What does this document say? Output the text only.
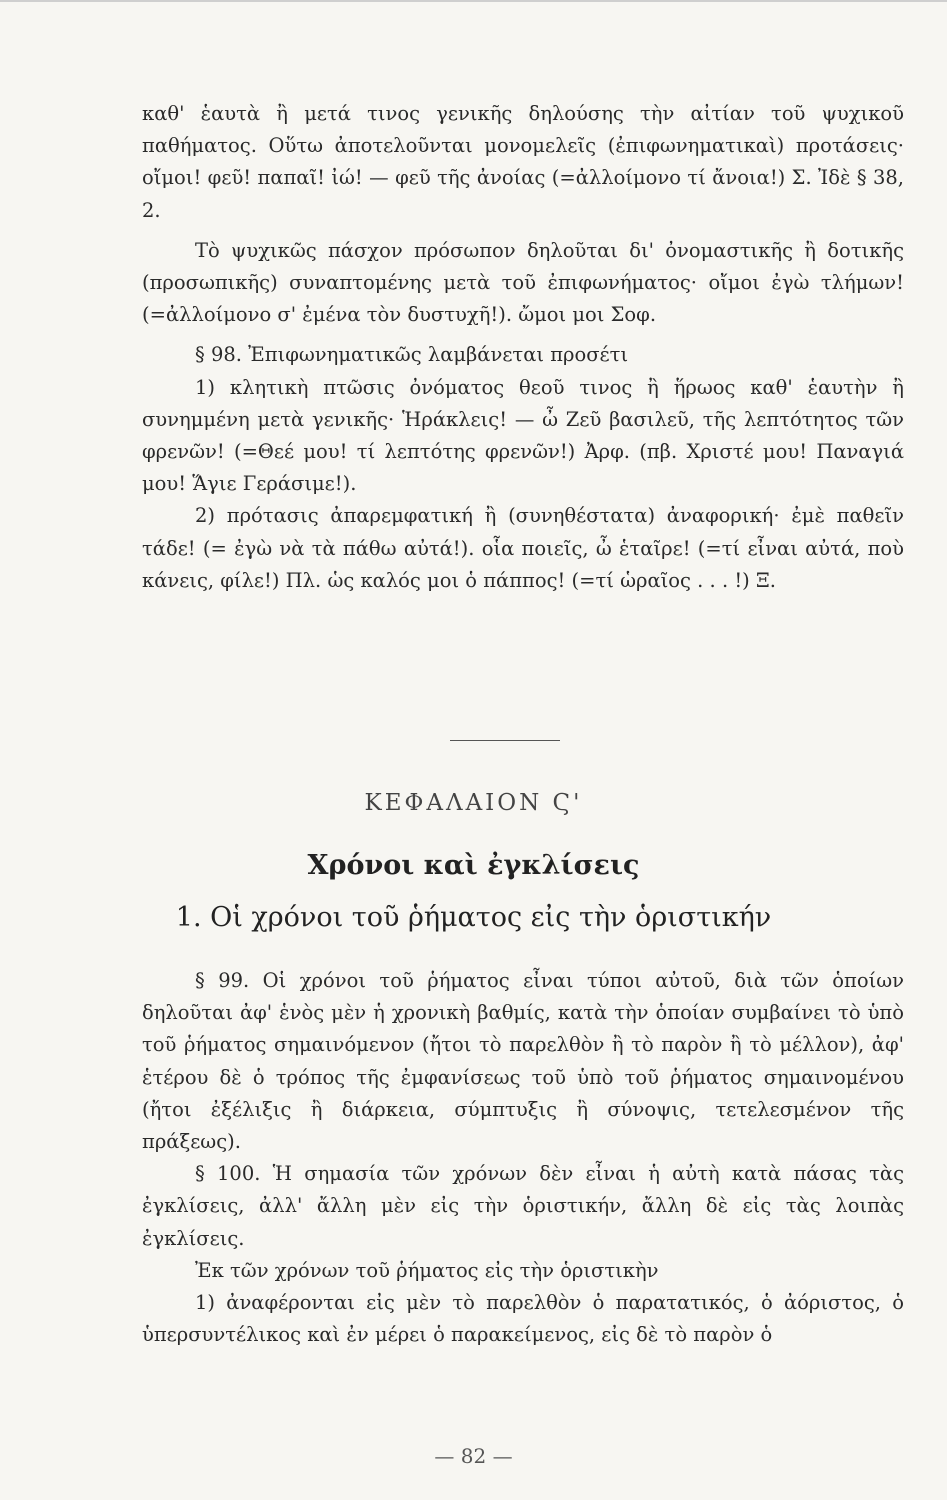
καθ' ἑαυτὰ ἢ μετά τινος γενικῆς δηλούσης τὴν αἰτίαν τοῦ ψυχικοῦ παθήματος. Οὕτω ἀποτελοῦνται μονομελεῖς (ἐπιφωνηματικαὶ) προτάσεις· οἴμοι! φεῦ! παπαῖ! ἰώ! — φεῦ τῆς ἀνοίας (=ἀλλοίμονο τί ἄνοια!) Σ. Ἰδὲ § 38, 2.

Τὸ ψυχικῶς πάσχον πρόσωπον δηλοῦται δι' ὀνομαστικῆς ἢ δοτικῆς (προσωπικῆς) συναπτομένης μετὰ τοῦ ἐπιφωνήματος· οἴμοι ἐγὼ τλήμων! (=ἀλλοίμονο σ' ἐμένα τὸν δυστυχῆ!). ὤμοι μοι Σοφ.

§ 98. Ἐπιφωνηματικῶς λαμβάνεται προσέτι

1) κλητικὴ πτῶσις ὀνόματος θεοῦ τινος ἢ ἥρωος καθ' ἑαυτὴν ἢ συνημμένη μετὰ γενικῆς· Ἡράκλεις! — ὦ Ζεῦ βασιλεῦ, τῆς λεπτότητος τῶν φρενῶν! (=Θεέ μου! τί λεπτότης φρενῶν!) Ἀρφ. (πβ. Χριστέ μου! Παναγιά μου! Ἅγιε Γεράσιμε!).

2) πρότασις ἀπαρεμφατική ἢ (συνηθέστατα) ἀναφορική· ἐμὲ παθεῖν τάδε! (= ἐγὼ νὰ τὰ πάθω αὐτά!). οἷα ποιεῖς, ὦ ἑταῖρε! (=τί εἶναι αὐτά, ποὺ κάνεις, φίλε!) Πλ. ὡς καλός μοι ὁ πάππος! (=τί ὡραῖος . . . !) Ξ.

ΚΕΦΑΛΑΙΟΝ Ϛ'
Χρόνοι καὶ ἐγκλίσεις
1. Οἱ χρόνοι τοῦ ῥήματος εἰς τὴν ὁριστικήν

§ 99. Οἱ χρόνοι τοῦ ῥήματος εἶναι τύποι αὐτοῦ, διὰ τῶν ὁποίων δηλοῦται ἀφ' ἑνὸς μὲν ἡ χρονικὴ βαθμίς, κατὰ τὴν ὁποίαν συμβαίνει τὸ ὑπὸ τοῦ ῥήματος σημαινόμενον (ἤτοι τὸ παρελθὸν ἢ τὸ παρὸν ἢ τὸ μέλλον), ἀφ' ἑτέρου δὲ ὁ τρόπος τῆς ἐμφανίσεως τοῦ ὑπὸ τοῦ ῥήματος σημαινομένου (ἤτοι ἐξέλιξις ἢ διάρκεια, σύμπτυξις ἢ σύνοψις, τετελεσμένον τῆς πράξεως).

§ 100. Ἡ σημασία τῶν χρόνων δὲν εἶναι ἡ αὐτὴ κατὰ πάσας τὰς ἐγκλίσεις, ἀλλ' ἄλλη μὲν εἰς τὴν ὁριστικήν, ἄλλη δὲ εἰς τὰς λοιπὰς ἐγκλίσεις.

Ἐκ τῶν χρόνων τοῦ ῥήματος εἰς τὴν ὁριστικὴν

1) ἀναφέρονται εἰς μὲν τὸ παρελθὸν ὁ παρατατικός, ὁ ἀόριστος, ὁ ὑπερσυντέλικος καὶ ἐν μέρει ὁ παρακείμενος, εἰς δὲ τὸ παρὸν ὁ

— 82 —
